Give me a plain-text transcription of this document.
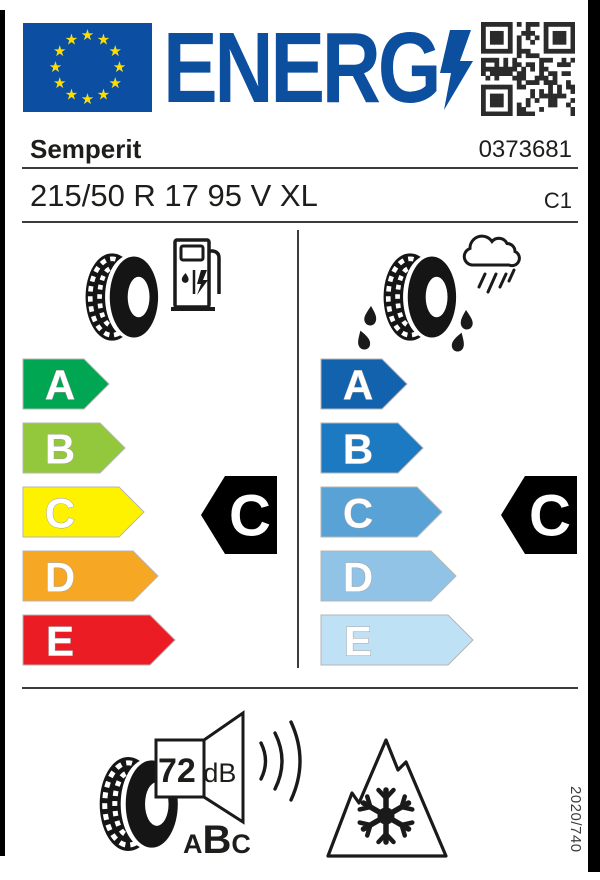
★ ★
★
★
★
★
★
★
★
★
★
★ ENERG
Semperit	0373681
215/50 R 17 95 V XL	C1
A
B
C
D
E
C
A
B
C
D
E
C
72 dB
A B C	2020/740
